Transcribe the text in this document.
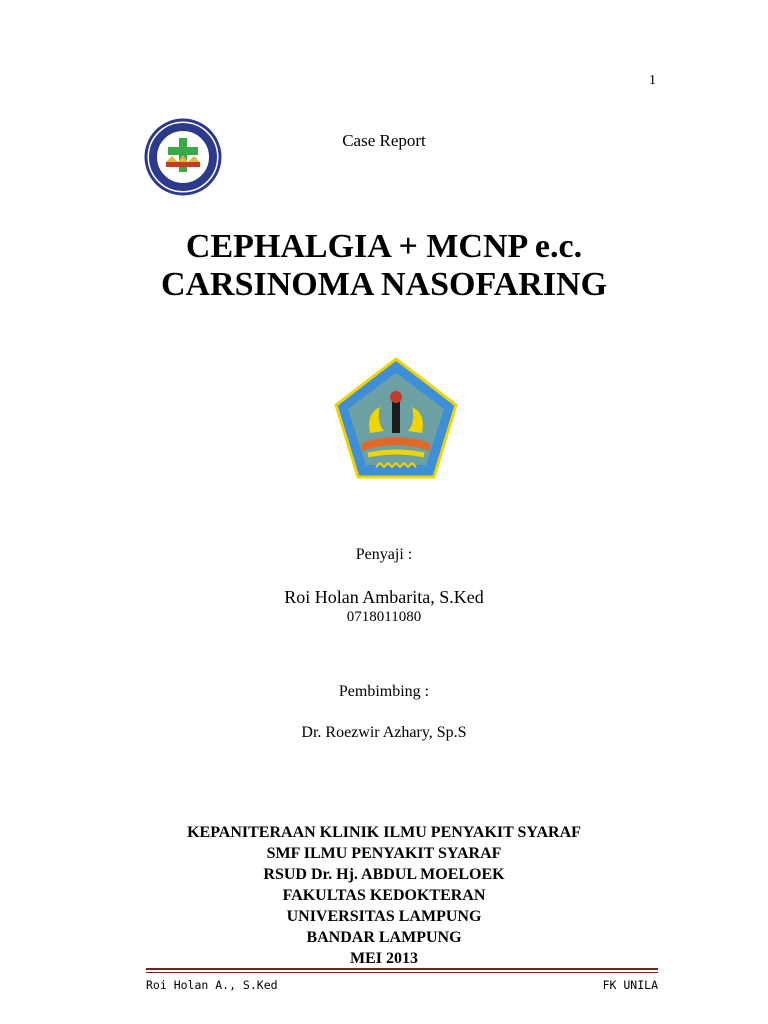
1
Case Report
CEPHALGIA + MCNP e.c.
CARSINOMA NASOFARING
Penyaji :
Roi Holan Ambarita, S.Ked
0718011080
Pembimbing :
Dr. Roezwir Azhary, Sp.S
KEPANITERAAN KLINIK ILMU PENYAKIT SYARAF
SMF ILMU PENYAKIT SYARAF
RSUD Dr. Hj. ABDUL MOELOEK
FAKULTAS KEDOKTERAN
UNIVERSITAS LAMPUNG
BANDAR LAMPUNG
MEI 2013
Roi Holan A., S.Ked	FK UNILA
